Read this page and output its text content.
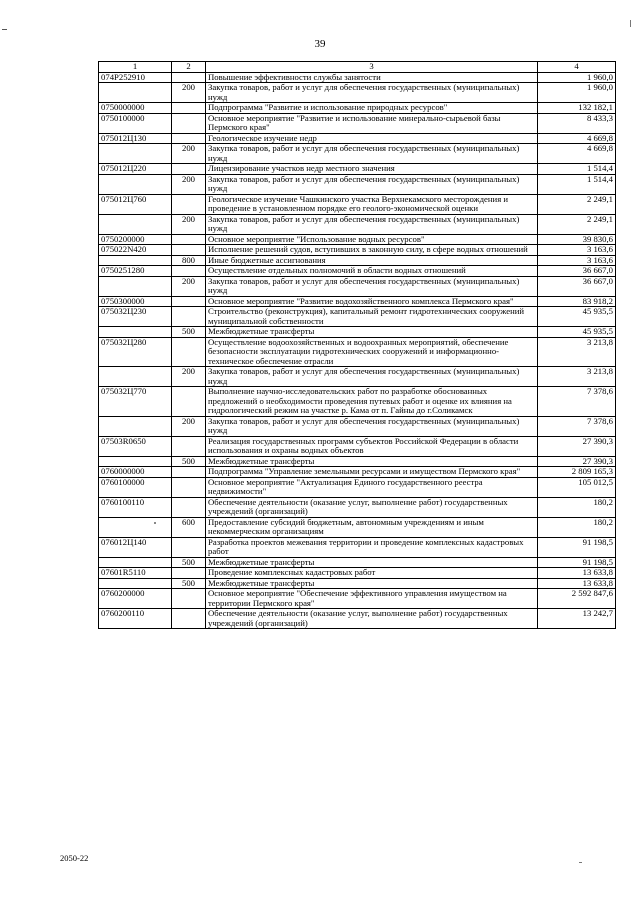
39
1	2	3	4
074P252910		Повышение эффективности службы занятости	1 960,0
	200	Закупка товаров, работ и услуг для обеспечения государственных (муниципальных) нужд	1 960,0
0750000000		Подпрограмма "Развитие и использование природных ресурсов"	132 182,1
0750100000		Основное мероприятие "Развитие и использование минерально-сырьевой базы Пермского края"	8 433,3
075012Ц130		Геологическое изучение недр	4 669,8
	200	Закупка товаров, работ и услуг для обеспечения государственных (муниципальных) нужд	4 669,8
075012Ц220		Лицензирование участков недр местного значения	1 514,4
	200	Закупка товаров, работ и услуг для обеспечения государственных (муниципальных) нужд	1 514,4
075012Ц760		Геологическое изучение Чашкинского участка Верхнекамского месторождения и проведение в установленном порядке его геолого-экономической оценки	2 249,1
	200	Закупка товаров, работ и услуг для обеспечения государственных (муниципальных) нужд	2 249,1
0750200000		Основное мероприятие "Использование водных ресурсов"	39 830,6
075022N420		Исполнение решений судов, вступивших в законную силу, в сфере водных отношений	3 163,6
	800	Иные бюджетные ассигнования	3 163,6
0750251280		Осуществление отдельных полномочий в области водных отношений	36 667,0
	200	Закупка товаров, работ и услуг для обеспечения государственных (муниципальных) нужд	36 667,0
0750300000		Основное мероприятие "Развитие водохозяйственного комплекса Пермского края"	83 918,2
075032Ц230		Строительство (реконструкция), капитальный ремонт гидротехнических сооружений муниципальной собственности	45 935,5
	500	Межбюджетные трансферты	45 935,5
075032Ц280		Осуществление водоохозяйственных и водоохранных мероприятий, обеспечение безопасности эксплуатации гидротехнических сооружений и информационно-техническое обеспечение отрасли	3 213,8
	200	Закупка товаров, работ и услуг для обеспечения государственных (муниципальных) нужд	3 213,8
075032Ц770		Выполнение научно-исследовательских работ по разработке обоснованных предложений о необходимости проведения путевых работ и оценке их влияния на гидрологический режим на участке р. Кама от п. Гайны до г.Соликамск	7 378,6
	200	Закупка товаров, работ и услуг для обеспечения государственных (муниципальных) нужд	7 378,6
07503R0650		Реализация государственных программ субъектов Российской Федерации в области использования и охраны водных объектов	27 390,3
	500	Межбюджетные трансферты	27 390,3
0760000000		Подпрограмма "Управление земельными ресурсами и имуществом Пермского края"	2 809 165,3
0760100000		Основное мероприятие "Актуализация Единого государственного реестра недвижимости"	105 012,5
0760100110		Обеспечение деятельности (оказание услуг, выполнение работ) государственных учреждений (организаций)	180,2
	600	Предоставление субсидий бюджетным, автономным учреждениям и иным некоммерческим организациям	180,2
076012Ц140		Разработка проектов межевания территории и проведение комплексных кадастровых работ	91 198,5
	500	Межбюджетные трансферты	91 198,5
07601R5110		Проведение комплексных кадастровых работ	13 633,8
	500	Межбюджетные трансферты	13 633,8
0760200000		Основное мероприятие "Обеспечение эффективного управления имуществом на территории Пермского края"	2 592 847,6
0760200110		Обеспечение деятельности (оказание услуг, выполнение работ) государственных учреждений (организаций)	13 242,7
2050-22
